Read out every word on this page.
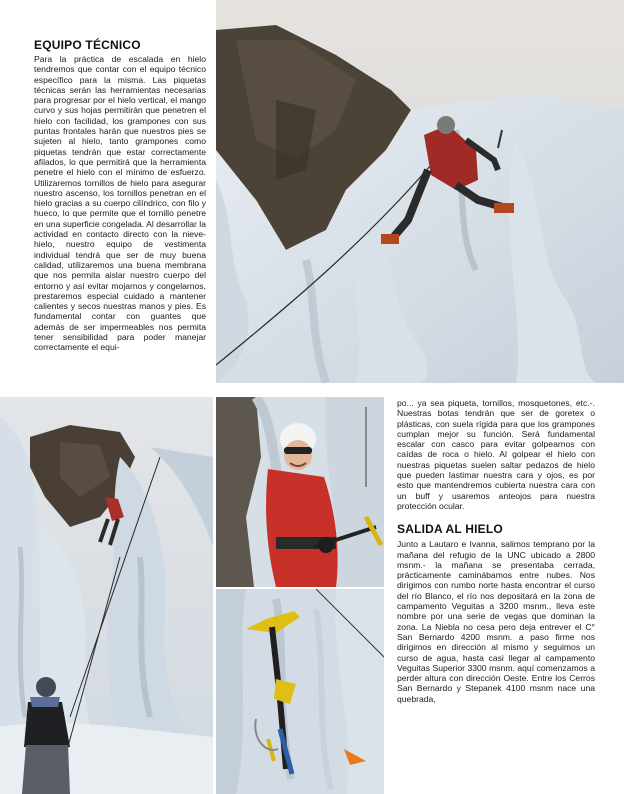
EQUIPO TÉCNICO

Para la práctica de escalada en hielo tendremos que contar con el equipo técnico específico para la misma. Las piquetas técnicas serán las herramientas necesarias para progresar por el hielo vertical, el mango curvo y sus hojas permitirán que penetren el hielo con facilidad, los grampones con sus puntas frontales harán que nuestros pies se sujeten al hielo, tanto grampones como piquetas tendrán que estar correctamente afilados, lo que permitirá que la herramienta penetre el hielo con el mínimo de esfuerzo. Utilizaremos tornillos de hielo para asegurar nuestro ascenso, los tornillos penetran en el hielo gracias a su cuerpo cilíndrico, con filo y hueco, lo que permite que el tornillo penetre en una superficie congelada. Al desarrollar la actividad en contacto directo con la nieve-hielo, nuestro equipo de vestimenta individual tendrá que ser de muy buena calidad, utilizaremos una buena membrana que nos permita aislar nuestro cuerpo del entorno y así evitar mojarnos y congelarnos, prestaremos especial cuidado a mantener calientes y secos nuestras manos y pies. Es fundamental contar con guantes que además de ser impermeables nos permita tener sensibilidad para poder manejar correctamente el equi-

po... ya sea piqueta, tornillos, mosquetones, etc.-. Nuestras botas tendrán que ser de goretex o plásticas, con suela rígida para que los grampones cumplan mejor su función. Será fundamental escalar con casco para evitar golpearnos con caídas de roca o hielo. Al golpear el hielo con nuestras piquetas suelen saltar pedazos de hielo que pueden lastimar nuestra cara y ojos, es por esto que mantendremos cubierta nuestra cara con un buff y usaremos anteojos para nuestra protección ocular.

SALIDA AL HIELO

Junto a Lautaro e Ivanna, salimos temprano por la mañana del refugio de la UNC ubicado a 2800 msnm.- la mañana se presentaba cerrada, prácticamente caminábamos entre nubes. Nos dirigimos con rumbo norte hasta encontrar el curso del río Blanco, el río nos depositará en la zona de campamento Veguitas a 3200 msnm., lleva este nombre por una serie de vegas que dominan la zona. La Niebla no cesa pero deja entrever el C° San Bernardo 4200 msnm. a paso firme nos dirigimos en dirección al mismo y seguimos un curso de agua, hasta casi llegar al campamento Veguitas Superior 3300 msnm. aquí comenzamos a perder altura con dirección Oeste. Entre los Cerros San Bernardo y Stepanek 4100 msnm nace una quebrada,
